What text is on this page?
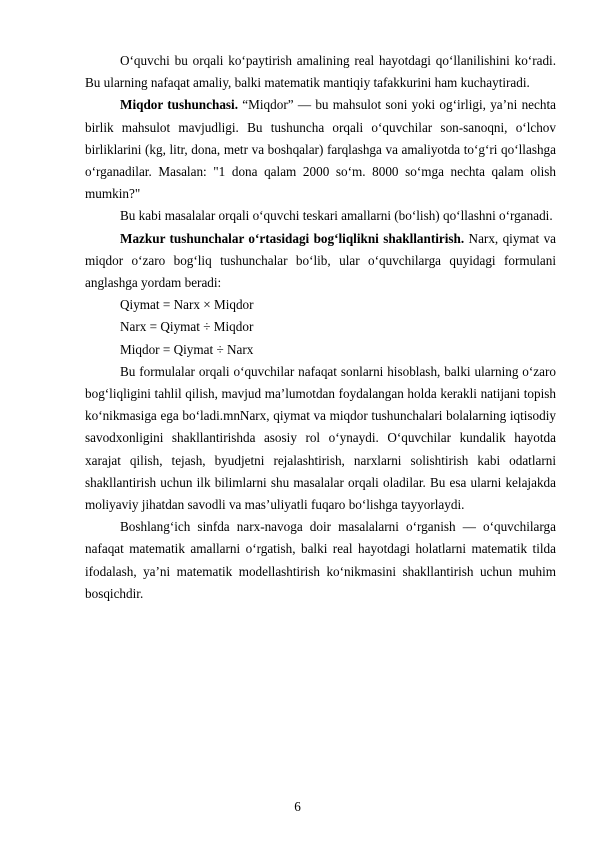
O‘quvchi bu orqali ko‘paytirish amalining real hayotdagi qo‘llanilishini ko‘radi. Bu ularning nafaqat amaliy, balki matematik mantiqiy tafakkurini ham kuchaytiradi.

Miqdor tushunchasi. “Miqdor” — bu mahsulot soni yoki og‘irligi, ya’ni nechta birlik mahsulot mavjudligi. Bu tushuncha orqali o‘quvchilar son-sanoqni, o‘lchov birliklarini (kg, litr, dona, metr va boshqalar) farqlashga va amaliyotda to‘g‘ri qo‘llashga o‘rganadilar. Masalan: "1 dona qalam 2000 so‘m. 8000 so‘mga nechta qalam olish mumkin?"

Bu kabi masalalar orqali o‘quvchi teskari amallarni (bo‘lish) qo‘llashni o‘rganadi.

Mazkur tushunchalar o‘rtasidagi bog‘liqlikni shakllantirish. Narx, qiymat va miqdor o‘zaro bog‘liq tushunchalar bo‘lib, ular o‘quvchilarga quyidagi formulani anglashga yordam beradi:

Qiymat = Narx × Miqdor

Narx = Qiymat ÷ Miqdor

Miqdor = Qiymat ÷ Narx

Bu formulalar orqali o‘quvchilar nafaqat sonlarni hisoblash, balki ularning o‘zaro bog‘liqligini tahlil qilish, mavjud ma’lumotdan foydalangan holda kerakli natijani topish ko‘nikmasiga ega bo‘ladi.mnNarx, qiymat va miqdor tushunchalari bolalarning iqtisodiy savodxonligini shakllantirishda asosiy rol o‘ynaydi. O‘quvchilar kundalik hayotda xarajat qilish, tejash, byudjetni rejalashtirish, narxlarni solishtirish kabi odatlarni shakllantirish uchun ilk bilimlarni shu masalalar orqali oladilar. Bu esa ularni kelajakda moliyaviy jihatdan savodli va mas’uliyatli fuqaro bo‘lishga tayyorlaydi.

Boshlang‘ich sinfda narx-navoga doir masalalarni o‘rganish — o‘quvchilarga nafaqat matematik amallarni o‘rgatish, balki real hayotdagi holatlarni matematik tilda ifodalash, ya’ni matematik modellashtirish ko‘nikmasini shakllantirish uchun muhim bosqichdir.

6
